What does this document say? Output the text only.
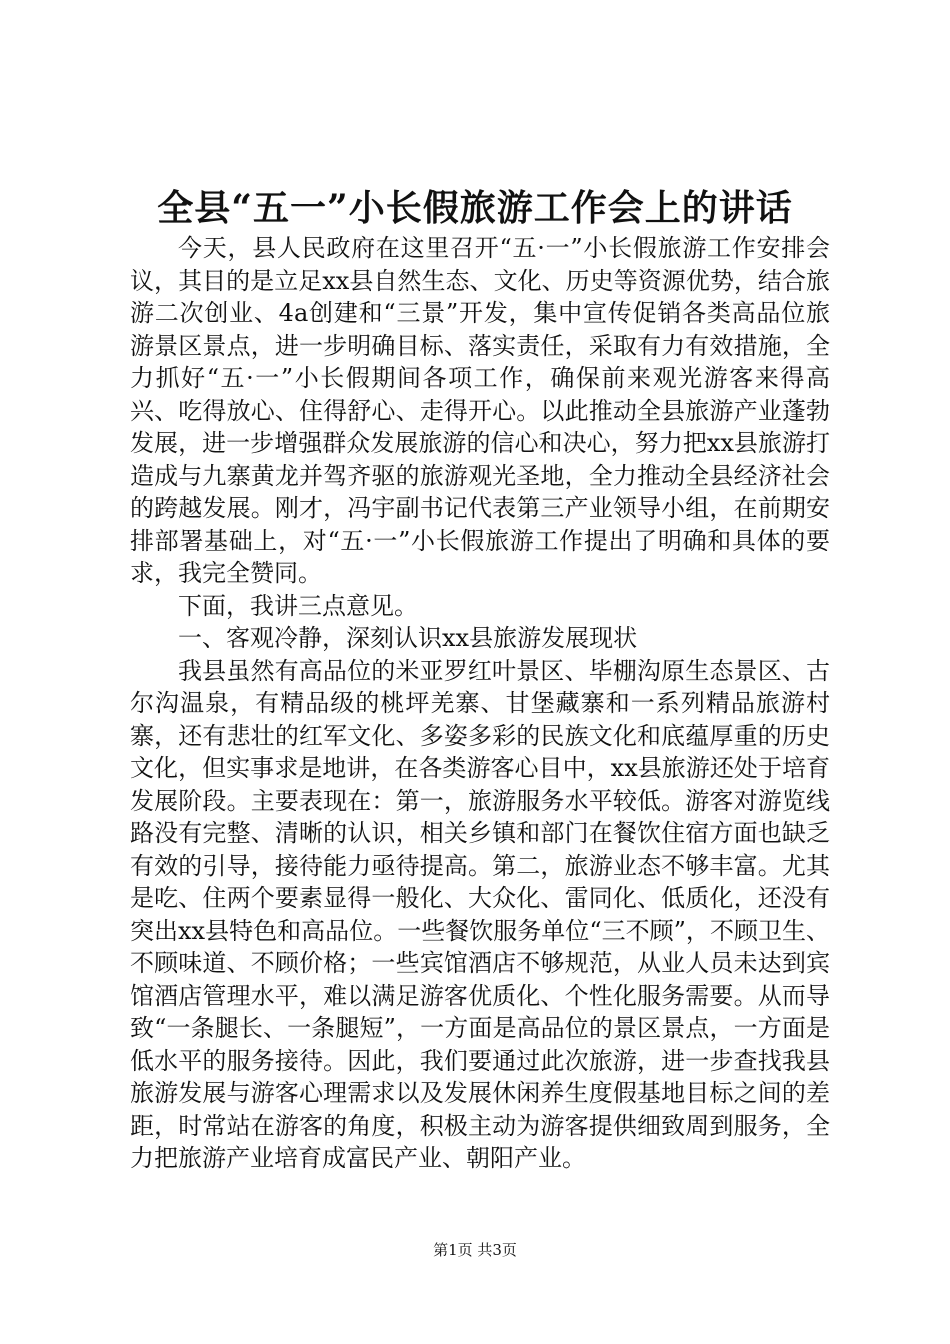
全县“五一”小长假旅游工作会上的讲话

今天，县人民政府在这里召开“五·一”小长假旅游工作安排会议，其目的是立足xx县自然生态、文化、历史等资源优势，结合旅游二次创业、4a创建和“三景”开发，集中宣传促销各类高品位旅游景区景点，进一步明确目标、落实责任，采取有力有效措施，全力抓好“五·一”小长假期间各项工作，确保前来观光游客来得高兴、吃得放心、住得舒心、走得开心。以此推动全县旅游产业蓬勃发展，进一步增强群众发展旅游的信心和决心，努力把xx县旅游打造成与九寨黄龙并驾齐驱的旅游观光圣地，全力推动全县经济社会的跨越发展。刚才，冯宇副书记代表第三产业领导小组，在前期安排部署基础上，对“五·一”小长假旅游工作提出了明确和具体的要求，我完全赞同。

下面，我讲三点意见。

一、客观冷静，深刻认识xx县旅游发展现状

我县虽然有高品位的米亚罗红叶景区、毕棚沟原生态景区、古尔沟温泉，有精品级的桃坪羌寨、甘堡藏寨和一系列精品旅游村寨，还有悲壮的红军文化、多姿多彩的民族文化和底蕴厚重的历史文化，但实事求是地讲，在各类游客心目中，xx县旅游还处于培育发展阶段。主要表现在：第一，旅游服务水平较低。游客对游览线路没有完整、清晰的认识，相关乡镇和部门在餐饮住宿方面也缺乏有效的引导，接待能力亟待提高。第二，旅游业态不够丰富。尤其是吃、住两个要素显得一般化、大众化、雷同化、低质化，还没有突出xx县特色和高品位。一些餐饮服务单位“三不顾”，不顾卫生、不顾味道、不顾价格；一些宾馆酒店不够规范，从业人员未达到宾馆酒店管理水平，难以满足游客优质化、个性化服务需要。从而导致“一条腿长、一条腿短”，一方面是高品位的景区景点，一方面是低水平的服务接待。因此，我们要通过此次旅游，进一步查找我县旅游发展与游客心理需求以及发展休闲养生度假基地目标之间的差距，时常站在游客的角度，积极主动为游客提供细致周到服务，全力把旅游产业培育成富民产业、朝阳产业。

第1页 共3页
